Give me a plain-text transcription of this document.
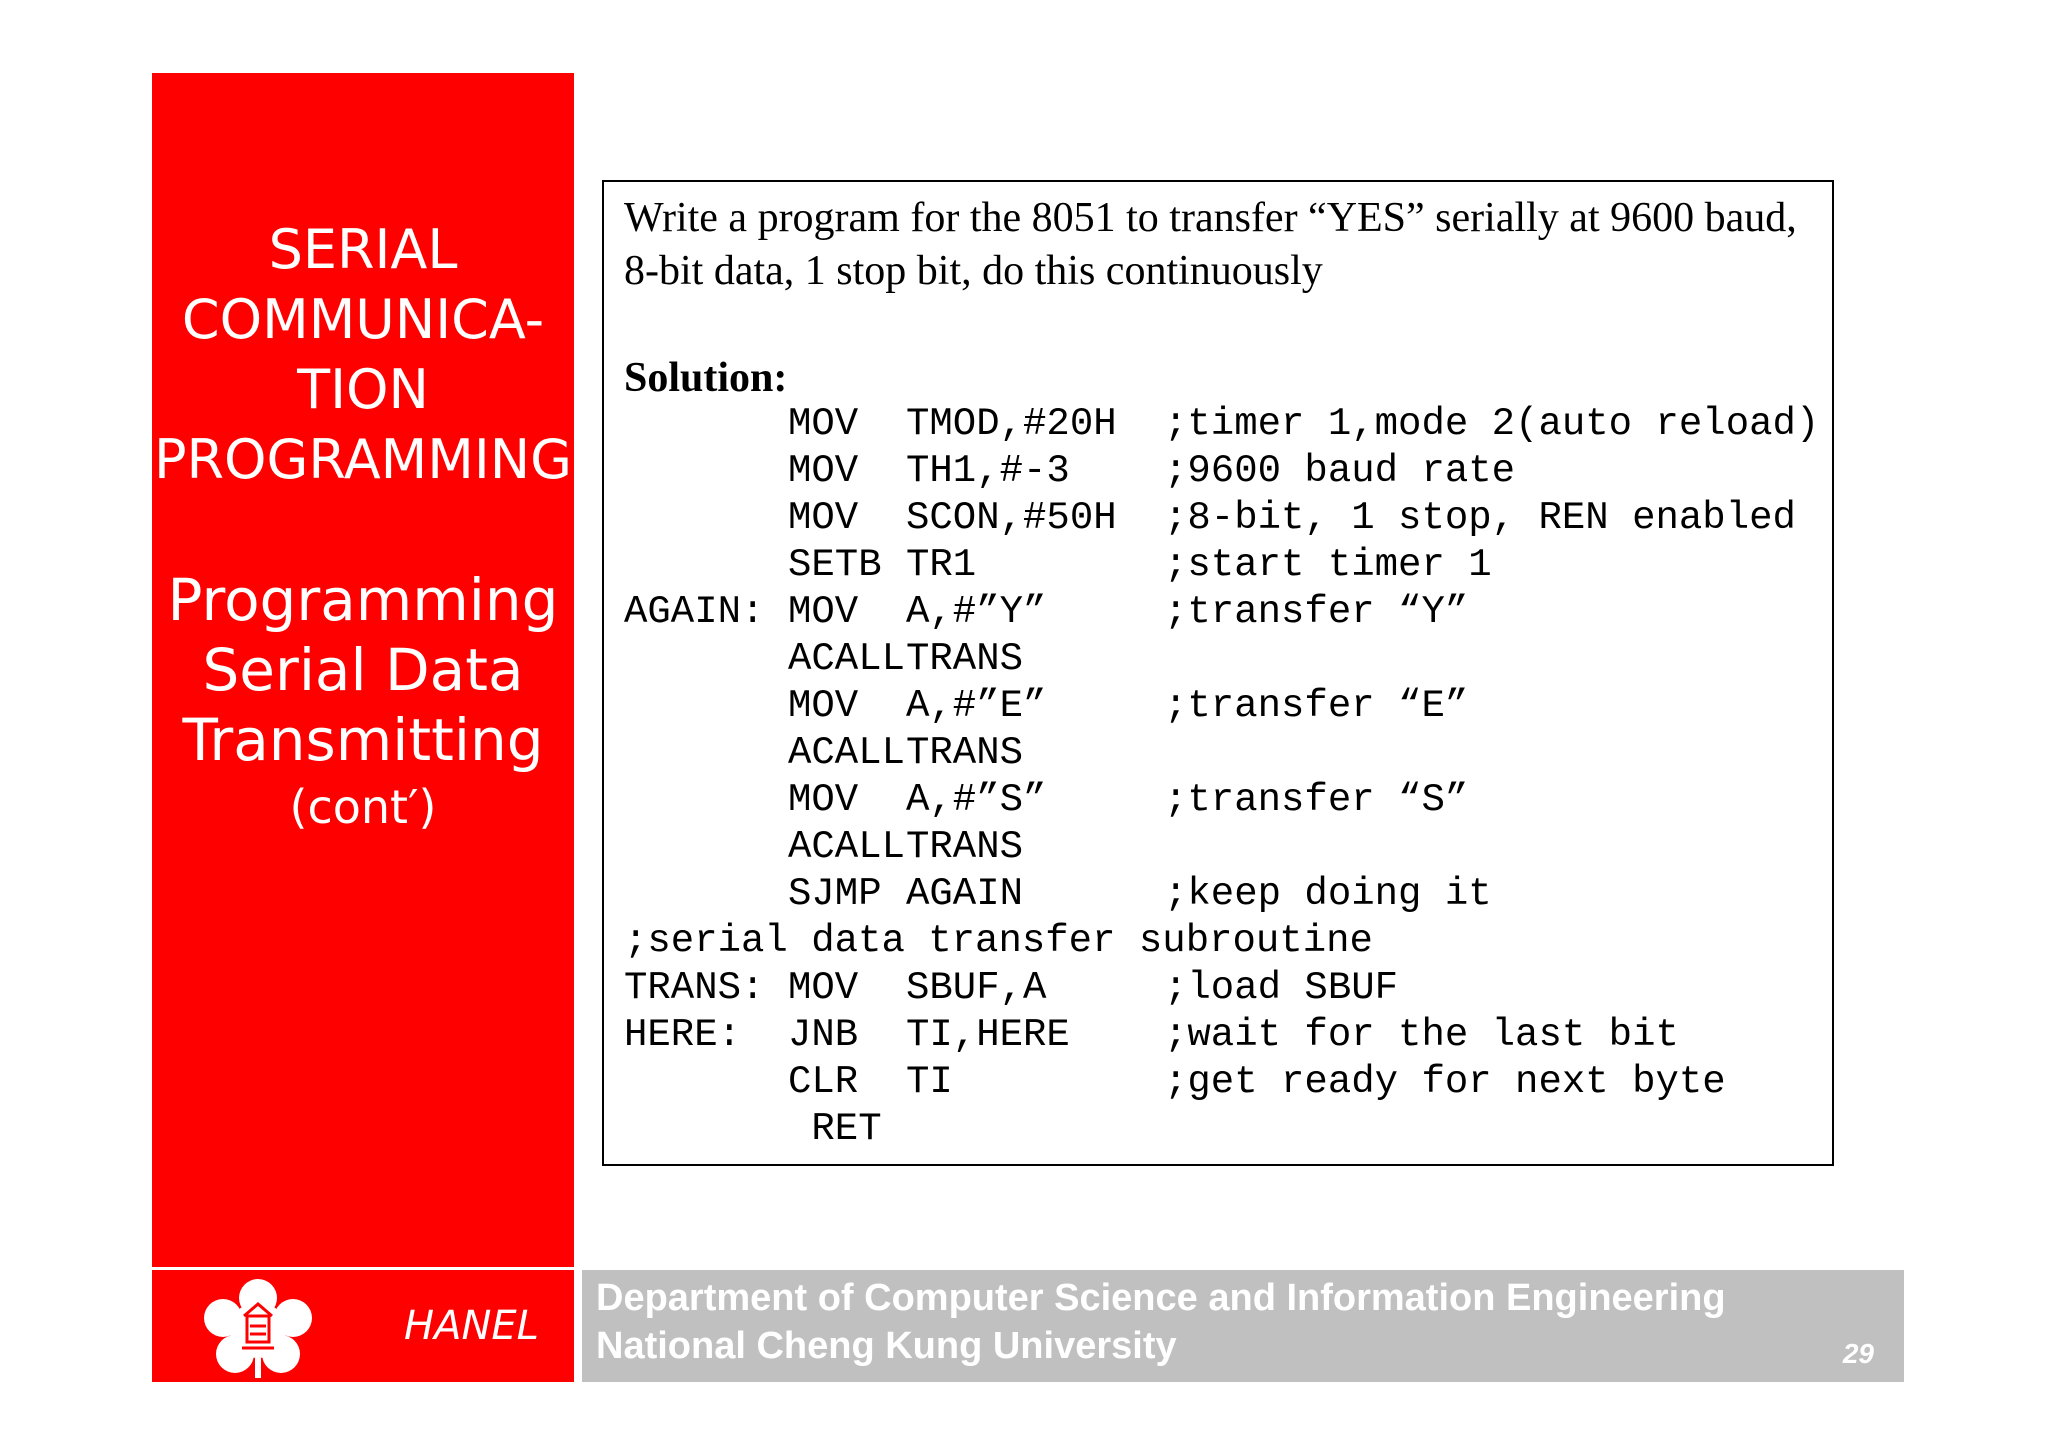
SERIAL
COMMUNICA-
TION
PROGRAMMING
Programming
Serial Data
Transmitting
(cont′)

Write a program for the 8051 to transfer “YES” serially at 9600 baud, 8-bit data, 1 stop bit, do this continuously

Solution:

MOV TMOD,#20H ;timer 1,mode 2(auto reload)
MOV TH1,#-3 ;9600 baud rate
MOV SCON,#50H ;8-bit, 1 stop, REN enabled
SETB TR1	;start timer 1
AGAIN: MOV A,#”Y”	;transfer “Y”
ACALLTRANS
MOV A,#”E”	;transfer “E”
ACALLTRANS
MOV A,#”S”	;transfer “S”
ACALLTRANS
SJMP AGAIN	;keep doing it
;serial data transfer subroutine
TRANS: MOV SBUF,A	;load SBUF
HERE: JNB TI,HERE ;wait for the last bit
CLR TI	;get ready for next byte
RET
HANEL
Department of Computer Science and Information Engineering
National Cheng Kung University	29
